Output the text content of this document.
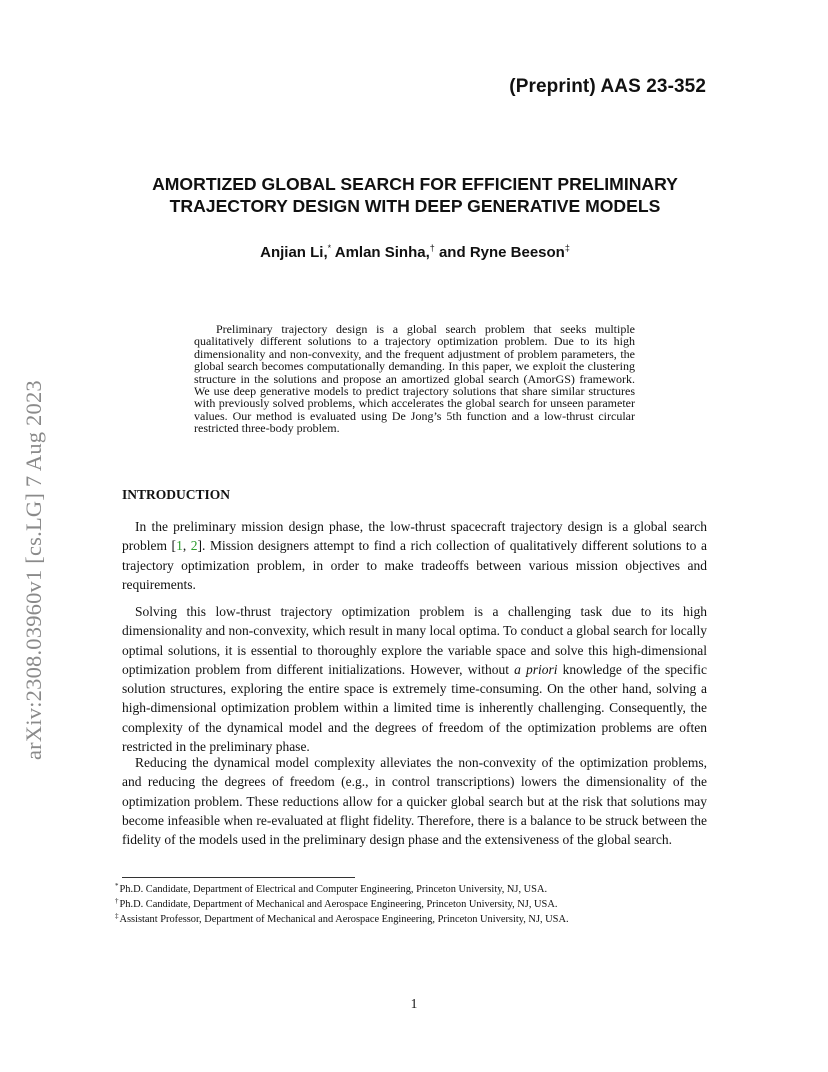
(Preprint) AAS 23-352
AMORTIZED GLOBAL SEARCH FOR EFFICIENT PRELIMINARY
TRAJECTORY DESIGN WITH DEEP GENERATIVE MODELS
Anjian Li,* Amlan Sinha,† and Ryne Beeson‡
arXiv:2308.03960v1 [cs.LG] 7 Aug 2023

Preliminary trajectory design is a global search problem that seeks multiple qualitatively different solutions to a trajectory optimization problem. Due to its high dimensionality and non-convexity, and the frequent adjustment of problem parameters, the global search becomes computationally demanding. In this paper, we exploit the clustering structure in the solutions and propose an amortized global search (AmorGS) framework. We use deep generative models to predict trajectory solutions that share similar structures with previously solved problems, which accelerates the global search for unseen parameter values. Our method is evaluated using De Jong’s 5th function and a low-thrust circular restricted three-body problem.

INTRODUCTION

In the preliminary mission design phase, the low-thrust spacecraft trajectory design is a global search problem [1, 2]. Mission designers attempt to find a rich collection of qualitatively different solutions to a trajectory optimization problem, in order to make tradeoffs between various mission objectives and requirements.

Solving this low-thrust trajectory optimization problem is a challenging task due to its high dimensionality and non-convexity, which result in many local optima. To conduct a global search for locally optimal solutions, it is essential to thoroughly explore the variable space and solve this high-dimensional optimization problem from different initializations. However, without a priori knowledge of the specific solution structures, exploring the entire space is extremely time-consuming. On the other hand, solving a high-dimensional optimization problem within a limited time is inherently challenging. Consequently, the complexity of the dynamical model and the degrees of freedom of the optimization problems are often restricted in the preliminary phase.

Reducing the dynamical model complexity alleviates the non-convexity of the optimization problems, and reducing the degrees of freedom (e.g., in control transcriptions) lowers the dimensionality of the optimization problem. These reductions allow for a quicker global search but at the risk that solutions may become infeasible when re-evaluated at flight fidelity. Therefore, there is a balance to be struck between the fidelity of the models used in the preliminary design phase and the extensiveness of the global search.

*Ph.D. Candidate, Department of Electrical and Computer Engineering, Princeton University, NJ, USA.
†Ph.D. Candidate, Department of Mechanical and Aerospace Engineering, Princeton University, NJ, USA.
‡Assistant Professor, Department of Mechanical and Aerospace Engineering, Princeton University, NJ, USA.
1
